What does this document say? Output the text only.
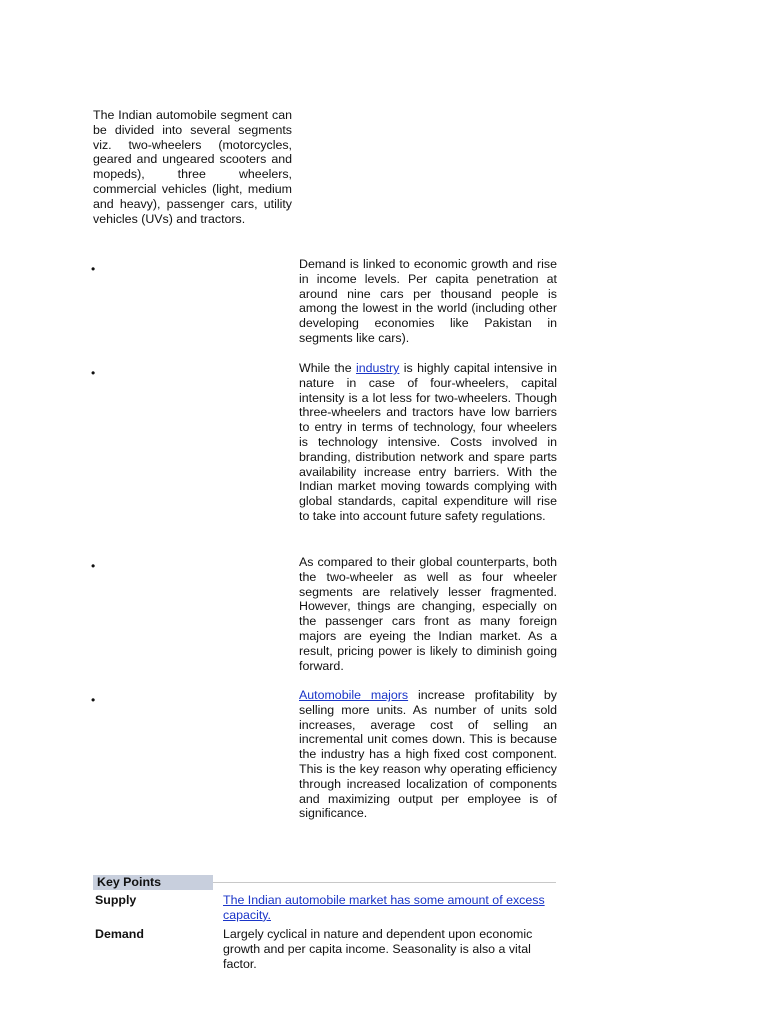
The Indian automobile segment can be divided into several segments viz. two-wheelers (motorcycles, geared and ungeared scooters and mopeds), three wheelers, commercial vehicles (light, medium and heavy), passenger cars, utility vehicles (UVs) and tractors.

•	Demand is linked to economic growth and rise in income levels. Per capita penetration at around nine cars per thousand people is among the lowest in the world (including other developing economies like Pakistan in segments like cars).

•	While the industry is highly capital intensive in nature in case of four-wheelers, capital intensity is a lot less for two-wheelers. Though three-wheelers and tractors have low barriers to entry in terms of technology, four wheelers is technology intensive. Costs involved in branding, distribution network and spare parts availability increase entry barriers. With the Indian market moving towards complying with global standards, capital expenditure will rise to take into account future safety regulations.

•	As compared to their global counterparts, both the two-wheeler as well as four wheeler segments are relatively lesser fragmented. However, things are changing, especially on the passenger cars front as many foreign majors are eyeing the Indian market. As a result, pricing power is likely to diminish going forward.

•	Automobile majors increase profitability by selling more units. As number of units sold increases, average cost of selling an incremental unit comes down. This is because the industry has a high fixed cost component. This is the key reason why operating efficiency through increased localization of components and maximizing output per employee is of significance.

Key Points
Supply	The Indian automobile market has some amount of excess capacity.

Demand	Largely cyclical in nature and dependent upon economic growth and per capita income. Seasonality is also a vital factor.
